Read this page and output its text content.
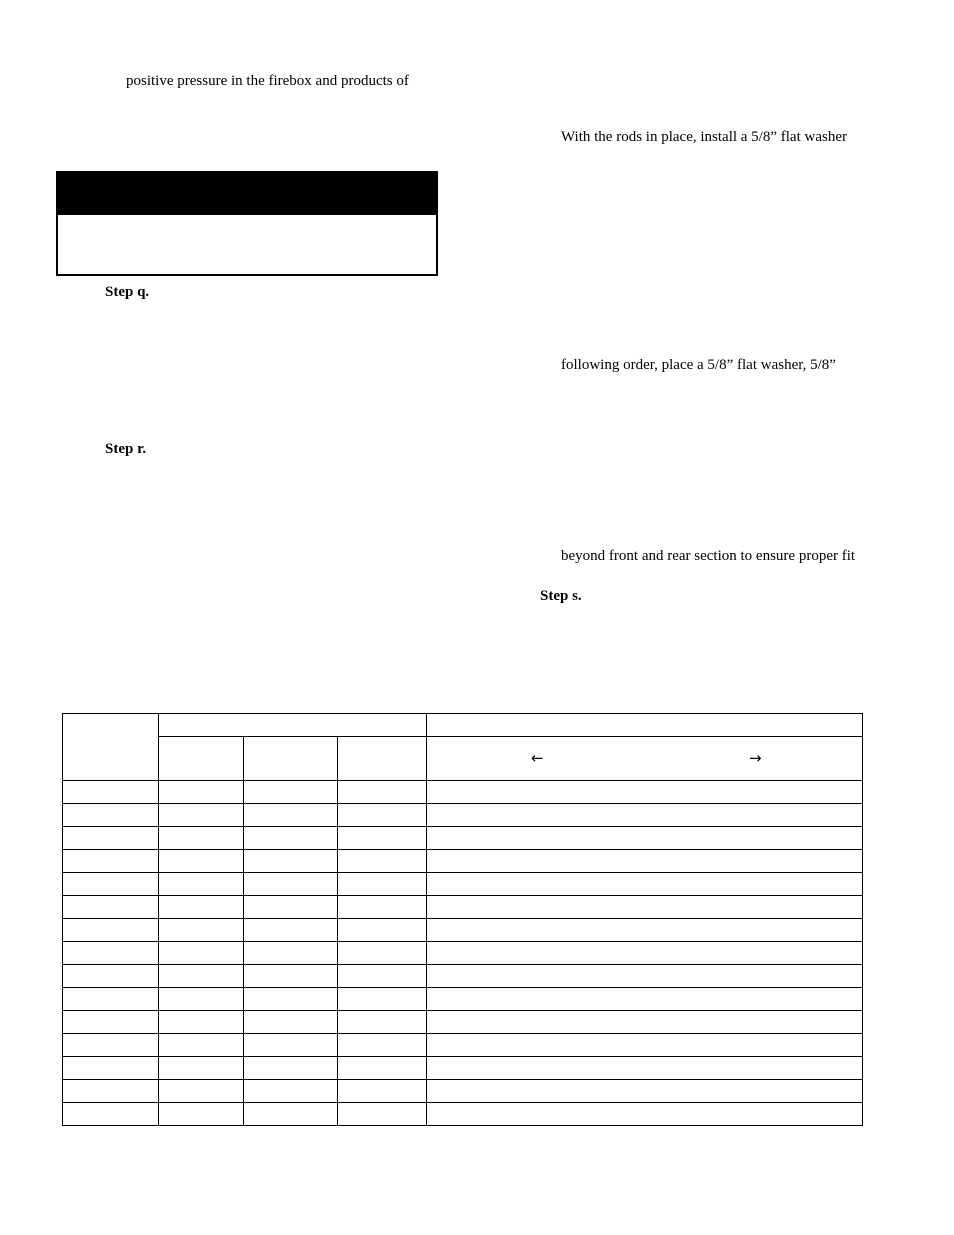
positive pressure in the firebox and products of
Step q.
Step r.
With the rods in place, install a 5/8” flat washer
following order, place a 5/8” flat washer, 5/8”
beyond front and rear section to ensure proper fit
Step s.

				← →
